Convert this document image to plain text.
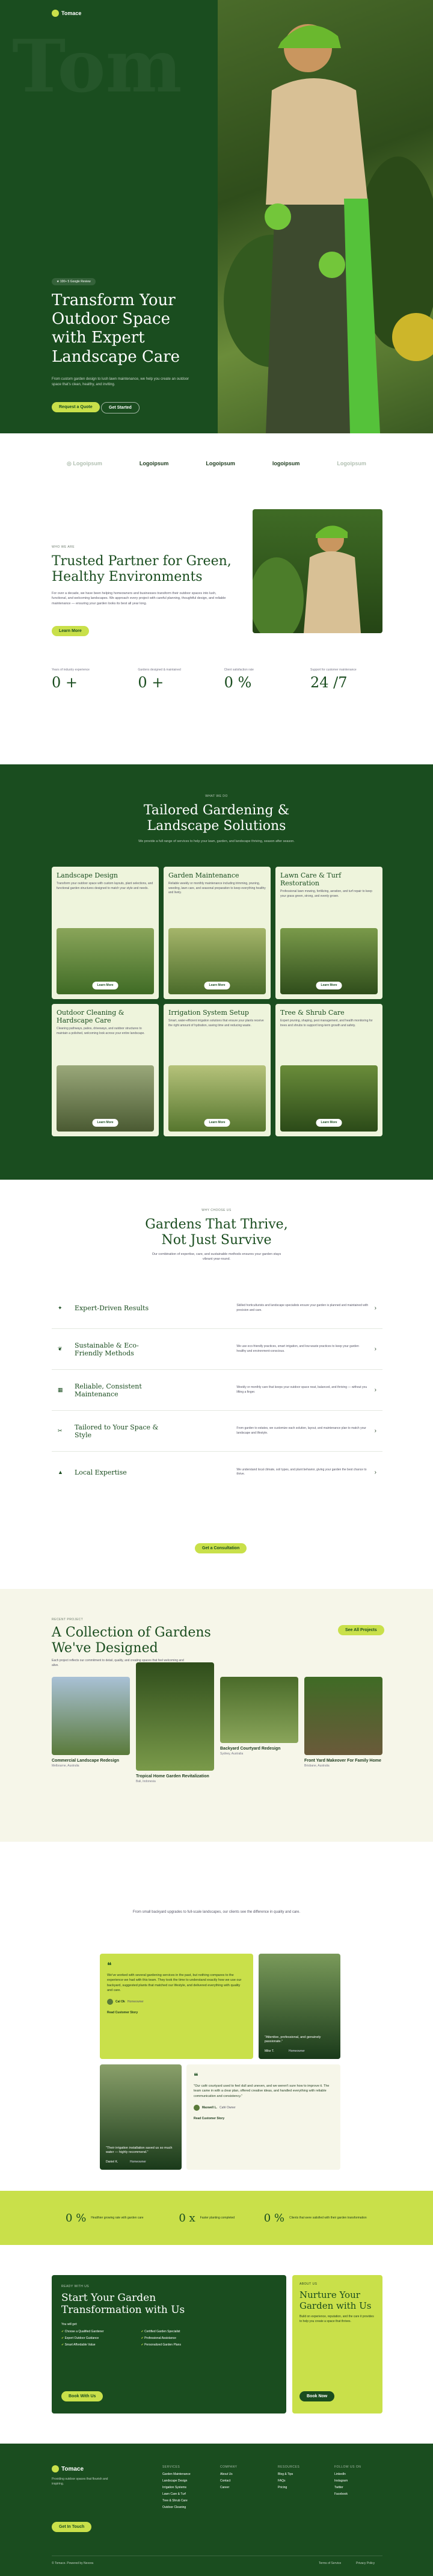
Tom
Tomace
★ 100+ 5 Google Review
Transform Your Outdoor Space with Expert Landscape Care

From custom garden design to lush lawn maintenance, we help you create an outdoor space that's clean, healthy, and inviting.

Request a Quote	Get Started
◎ Logoipsum	Logoipsum	Logoipsum	logoipsum	Logoipsum
WHO WE ARE
Trusted Partner for Green, Healthy Environments

For over a decade, we have been helping homeowners and businesses transform their outdoor spaces into lush, functional, and welcoming landscapes. We approach every project with careful planning, thoughtful design, and reliable maintenance — ensuring your garden looks its best all year long.

Learn More
Years of industry experience
0 +
Gardens designed & maintained
0 +
Client satisfaction rate
0 %
Support for customer maintenance
24 /7
WHAT WE DO
Tailored Gardening & Landscape Solutions

We provide a full range of services to help your lawn, garden, and landscape thriving, season after season.

Landscape Design
Transform your outdoor space with custom layouts, plant selections, and functional garden structures designed to match your style and needs.
Learn More
Garden Maintenance
Reliable weekly or monthly maintenance including trimming, pruning, weeding, lawn care, and seasonal preparation to keep everything healthy and lively.
Learn More
Lawn Care & Turf Restoration
Professional lawn mowing, fertilizing, aeration, and turf repair to keep your grass green, strong, and evenly grown.
Learn More
Outdoor Cleaning & Hardscape Care
Cleaning pathways, patios, driveways, and outdoor structures to maintain a polished, welcoming look across your entire landscape.
Learn More
Irrigation System Setup
Smart, water-efficient irrigation solutions that ensure your plants receive the right amount of hydration, saving time and reducing waste.
Learn More
Tree & Shrub Care
Expert pruning, shaping, pest management, and health monitoring for trees and shrubs to support long-term growth and safety.
Learn More
WHY CHOOSE US
Gardens That Thrive, Not Just Survive

Our combination of expertise, care, and sustainable methods ensures your garden stays vibrant year-round.

✦	Expert-Driven Results	Skilled horticulturists and landscape specialists ensure your garden is planned and maintained with precision and care.	›
❦	Sustainable & Eco-Friendly Methods
We use eco-friendly practices, smart irrigation, and low-waste practices to keep your garden healthy and environment-conscious.	›
▦	Reliable, Consistent Maintenance
Weekly or monthly care that keeps your outdoor space neat, balanced, and thriving — without you lifting a finger.	›
✂	Tailored to Your Space & Style
From garden to estates, we customize each solution, layout, and maintenance plan to match your landscape and lifestyle.	›
▲	Local Expertise	We understand local climate, soil types, and plant behavior, giving your garden the best chance to thrive.	›
Get a Consultation
RECENT PROJECT
A Collection of Gardens We've Designed

Each project reflects our commitment to detail, quality, and creating spaces that feel welcoming and alive.

See All Projects
Commercial Landscape Redesign
Melbourne, Australia
Tropical Home Garden Revitalization
Bali, Indonesia
Backyard Courtyard Redesign
Sydney, Australia
Front Yard Makeover For Family Home
Brisbane, Australia

From small backyard upgrades to full-scale landscapes, our clients see the difference in quality and care.

❝

We've worked with several gardening services in the past, but nothing compares to the experience we had with this team. They took the time to understand exactly how we use our backyard, suggested plants that matched our lifestyle, and delivered everything with quality and care.

Cal Ok Homeowner
Read Customer Story

"Attentive, professional, and genuinely passionate."

Mike T.	Homeowner

"Their irrigation installation saved us so much water — highly recommend."

Daniel K.	Homeowner
❝

"Our café courtyard used to feel dull and uneven, and we weren't sure how to improve it. The team came in with a clear plan, offered creative ideas, and handled everything with reliable communication and consistency."

Maxwell L. Café Owner
Read Customer Story
0 % Healthier growing rate with garden care	0 x Faster planting completed	0 % Clients that were satisfied with their garden transformation
READY WITH US
Start Your Garden Transformation with Us
You will get:
✔ Choose a Qualified Gardener	✔ Certified Garden Specialist
✔ Expert Outdoor Guidance	✔ Professional Assistance
✔ Smart Affordable Value	✔ Personalized Garden Plans
Book With Us
ABOUT US
Nurture Your Garden with Us

Build on experience, reputation, and the care it provides to help you create a space that thrives.

Book Now
Tomace

Providing outdoor spaces that flourish and inspiring.

Get In Touch
SERVICES
Garden Maintenance
Landscape Design
Irrigation Systems
Lawn Care & Turf
Tree & Shrub Care
Outdoor Cleaning
COMPANY
About Us
Contact
Career
RESOURCES
Blog & Tips
FAQs
Pricing
FOLLOW US ON
LinkedIn
Instagram
Twitter
Facebook
© Tomace. Powered by Nexora	Terms of Service	Privacy Policy
